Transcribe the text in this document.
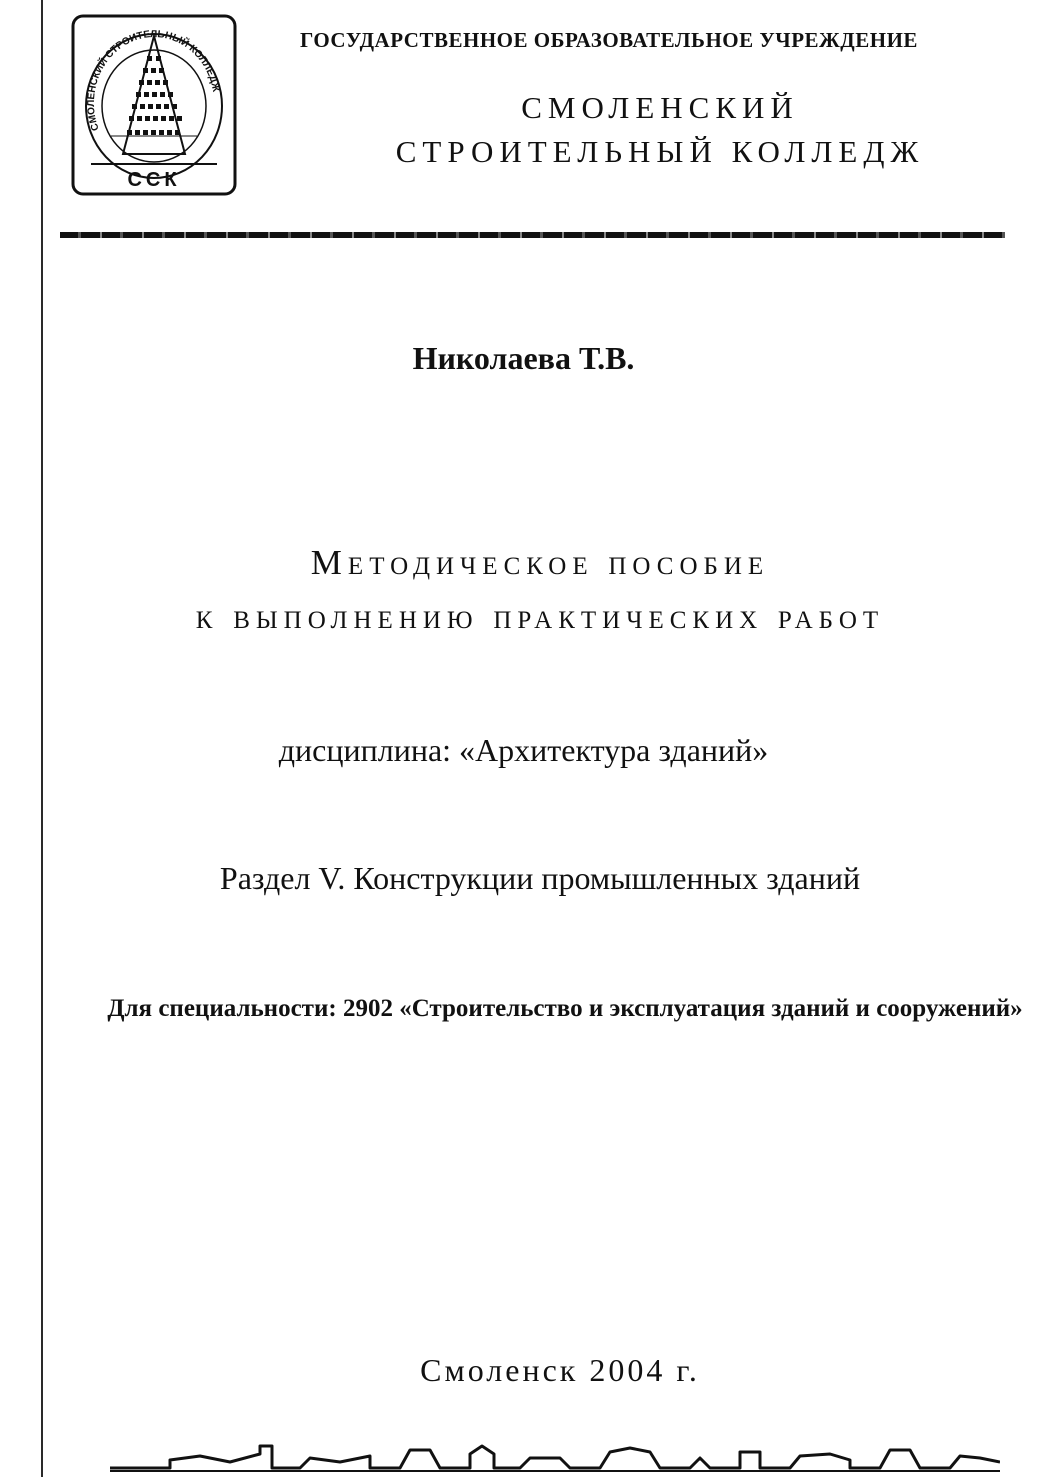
СМОЛЕНСКИЙ СТРОИТЕЛЬНЫЙ КОЛЛЕДЖ
ССК
ГОСУДАРСТВЕННОЕ ОБРАЗОВАТЕЛЬНОЕ УЧРЕЖДЕНИЕ
СМОЛЕНСКИЙ
СТРОИТЕЛЬНЫЙ КОЛЛЕДЖ
Николаева Т.В.
Методическое пособие
к выполнению практических работ
дисциплина: «Архитектура зданий»
Раздел V. Конструкции промышленных зданий
Для специальности: 2902 «Строительство и эксплуатация зданий и сооружений»
Смоленск 2004 г.
